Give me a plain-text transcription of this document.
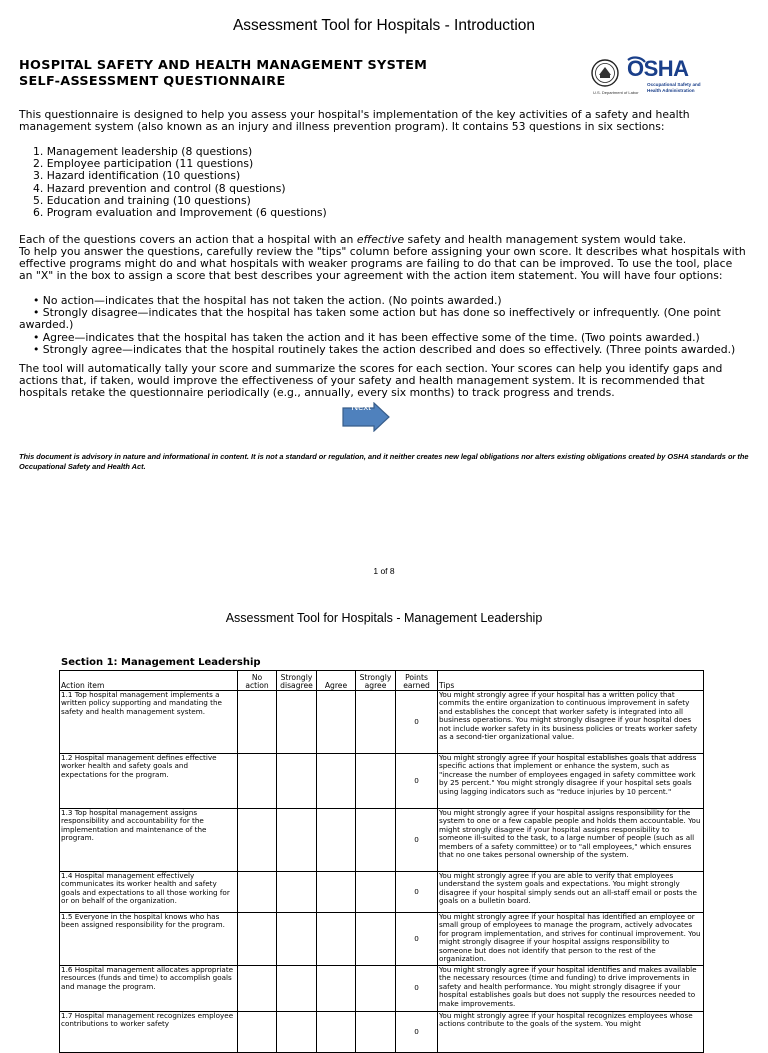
Assessment Tool for Hospitals - Introduction
HOSPITAL SAFETY AND HEALTH MANAGEMENT SYSTEM
SELF-ASSESSMENT QUESTIONNAIRE
OSHA
Occupational Safety and Health Administration
U.S. Department of Labor
This questionnaire is designed to help you assess your hospital's implementation of the key activities of a safety and health management system (also known as an injury and illness prevention program). It contains 53 questions in six sections:
1. Management leadership (8 questions)
2. Employee participation (11 questions)
3. Hazard identification (10 questions)
4. Hazard prevention and control (8 questions)
5. Education and training (10 questions)
6. Program evaluation and Improvement (6 questions)
Each of the questions covers an action that a hospital with an effective safety and health management system would take.
To help you answer the questions, carefully review the "tips" column before assigning your own score. It describes what hospitals with effective programs might do and what hospitals with weaker programs are failing to do that can be improved. To use the tool, place an "X" in the box to assign a score that best describes your agreement with the action item statement. You will have four options:
• No action—indicates that the hospital has not taken the action. (No points awarded.)
• Strongly disagree—indicates that the hospital has taken some action but has done so ineffectively or infrequently. (One point awarded.)
• Agree—indicates that the hospital has taken the action and it has been effective some of the time. (Two points awarded.)
• Strongly agree—indicates that the hospital routinely takes the action described and does so effectively. (Three points awarded.)
The tool will automatically tally your score and summarize the scores for each section. Your scores can help you identify gaps and actions that, if taken, would improve the effectiveness of your safety and health management system. It is recommended that hospitals retake the questionnaire periodically (e.g., annually, every six months) to track progress and trends.
Next
This document is advisory in nature and informational in content. It is not a standard or regulation, and it neither creates new legal obligations nor alters existing obligations created by OSHA standards or the Occupational Safety and Health Act.
1 of 8
Assessment Tool for Hospitals - Management Leadership
Section 1: Management Leadership
Action item	No action	Strongly disagree	Agree	Strongly agree	Points earned	Tips

1.1 Top hospital management implements a written policy supporting and mandating the safety and health management system.					0	You might strongly agree if your hospital has a written policy that commits the entire organization to continuous improvement in safety and establishes the concept that worker safety is integrated into all business operations. You might strongly disagree if your hospital does not include worker safety in its business policies or treats worker safety as a second-tier organizational value.

1.2 Hospital management defines effective worker health and safety goals and expectations for the program.					0	You might strongly agree if your hospital establishes goals that address specific actions that implement or enhance the system, such as "increase the number of employees engaged in safety committee work by 25 percent." You might strongly disagree if your hospital sets goals using lagging indicators such as "reduce injuries by 10 percent."

1.3 Top hospital management assigns responsibility and accountability for the implementation and maintenance of the program.					0	You might strongly agree if your hospital assigns responsibility for the system to one or a few capable people and holds them accountable. You might strongly disagree if your hospital assigns responsibility to someone ill-suited to the task, to a large number of people (such as all members of a safety committee) or to "all employees," which ensures that no one takes personal ownership of the system.

1.4 Hospital management effectively communicates its worker health and safety goals and expectations to all those working for or on behalf of the organization.					0	You might strongly agree if you are able to verify that employees understand the system goals and expectations. You might strongly disagree if your hospital simply sends out an all-staff email or posts the goals on a bulletin board.

1.5 Everyone in the hospital knows who has been assigned responsibility for the program.					0	You might strongly agree if your hospital has identified an employee or small group of employees to manage the program, actively advocates for program implementation, and strives for continual improvement. You might strongly disagree if your hospital assigns responsibility to someone but does not identify that person to the rest of the organization.

1.6 Hospital management allocates appropriate resources (funds and time) to accomplish goals and manage the program.					0	You might strongly agree if your hospital identifies and makes available the necessary resources (time and funding) to drive improvements in safety and health performance. You might strongly disagree if your hospital establishes goals but does not supply the resources needed to make improvements.

1.7 Hospital management recognizes employee contributions to worker safety					0	You might strongly agree if your hospital recognizes employees whose actions contribute to the goals of the system. You might
